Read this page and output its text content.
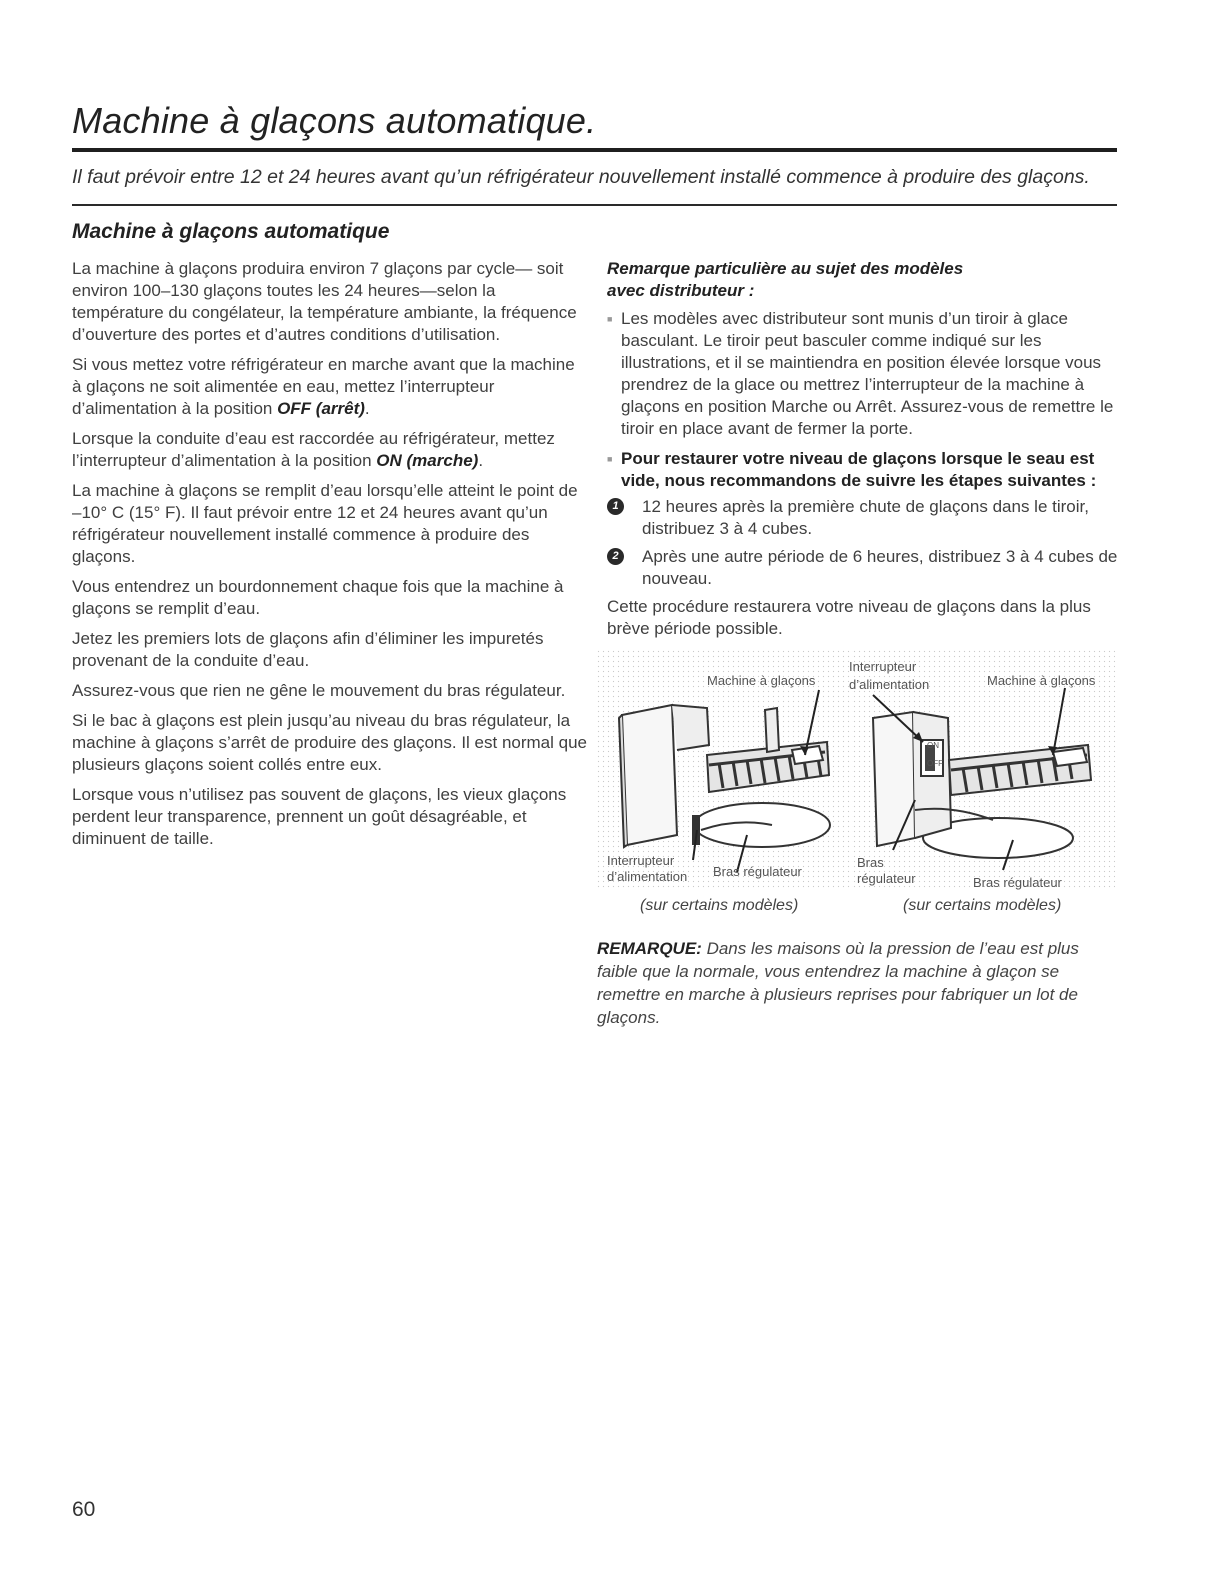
Machine à glaçons automatique.

Il faut prévoir entre 12 et 24 heures avant qu’un réfrigérateur nouvellement installé commence à produire des glaçons.

Machine à glaçons automatique

La machine à glaçons produira environ 7 glaçons par cycle— soit environ 100–130 glaçons toutes les 24 heures—selon la température du congélateur, la température ambiante, la fréquence d’ouverture des portes et d’autres conditions d’utilisation.

Si vous mettez votre réfrigérateur en marche avant que la machine à glaçons ne soit alimentée en eau, mettez l’interrupteur d’alimentation à la position OFF (arrêt).

Lorsque la conduite d’eau est raccordée au réfrigérateur, mettez l’interrupteur d’alimentation à la position ON (marche).

La machine à glaçons se remplit d’eau lorsqu’elle atteint le point de –10° C (15° F). Il faut prévoir entre 12 et 24 heures avant qu’un réfrigérateur nouvellement installé commence à produire des glaçons.

Vous entendrez un bourdonnement chaque fois que la machine à glaçons se remplit d’eau.

Jetez les premiers lots de glaçons afin d’éliminer les impuretés provenant de la conduite d’eau.

Assurez-vous que rien ne gêne le mouvement du bras régulateur.

Si le bac à glaçons est plein jusqu’au niveau du bras régulateur, la machine à glaçons s’arrêt de produire des glaçons. Il est normal que plusieurs glaçons soient collés entre eux.

Lorsque vous n’utilisez pas souvent de glaçons, les vieux glaçons perdent leur transparence, prennent un goût désagréable, et diminuent de taille.

Remarque particulière au sujet des modèles
avec distributeur :
■ Les modèles avec distributeur sont munis d’un tiroir à glace basculant. Le tiroir peut basculer comme indiqué sur les illustrations, et il se maintiendra en position élevée lorsque vous prendrez de la glace ou mettrez l’interrupteur de la machine à glaçons en position Marche ou Arrêt. Assurez-vous de remettre le tiroir en place avant de fermer la porte.
■ Pour restaurer votre niveau de glaçons lorsque le seau est vide, nous recommandons de suivre les étapes suivantes :
1	12 heures après la première chute de glaçons dans le tiroir, distribuez 3 à 4 cubes.
2	Après une autre période de 6 heures, distribuez 3 à 4 cubes de nouveau.

Cette procédure restaurera votre niveau de glaçons dans la plus brève période possible.

Machine à glaçons
Interrupteur
d’alimentation Bras régulateur
ON
OFF
Interrupteur
d’alimentation	Machine à glaçons
Bras
régulateur	Bras régulateur
(sur certains modèles)	(sur certains modèles)

REMARQUE: Dans les maisons où la pression de l’eau est plus faible que la normale, vous entendrez la machine à glaçon se remettre en marche à plusieurs reprises pour fabriquer un lot de glaçons.

60
